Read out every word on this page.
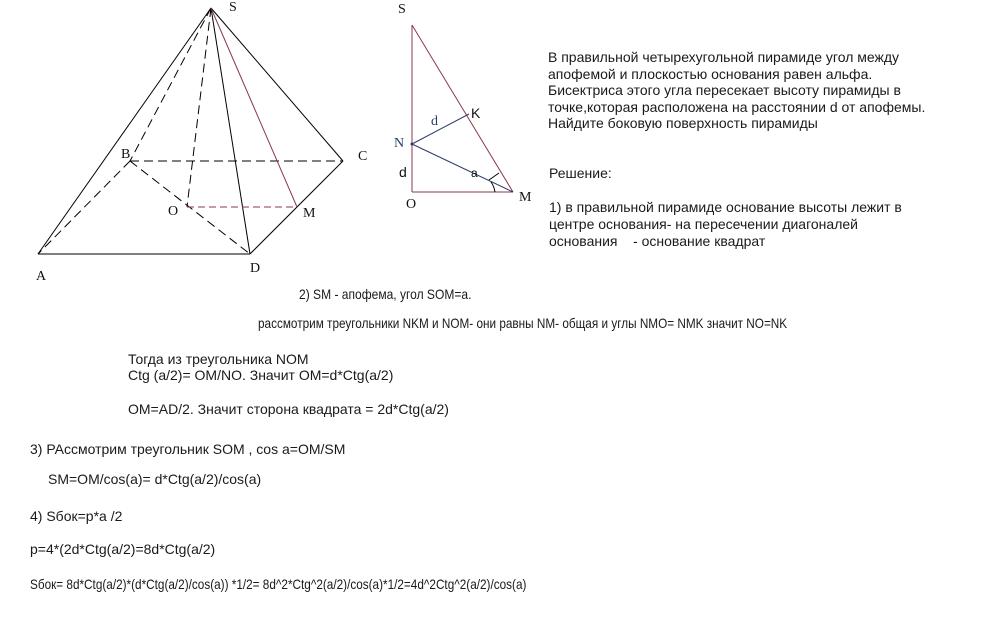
S
A
B	C
D
O	M
S
K
N
d
d	a
O	M
В правильной четырехугольной пирамиде угол между
апофемой и плоскостью основания равен альфа.
Бисектриса этого угла пересекает высоту пирамиды в
точке,которая расположена на расстоянии d от апофемы.
Найдите боковую поверхность пирамиды
Решение:
1) в правильной пирамиде основание высоты лежит в
центре основания- на пересечении диагоналей
основания    - основание квадрат
2) SM - апофема, угол SOM=a.
рассмотрим треугольники NKM и NOM- они равны NM- общая и углы NMO= NMK значит NO=NK
Тогда из треугольника NOM
Ctg (a/2)= OM/NO. Значит OM=d*Ctg(a/2)
OM=AD/2. Значит сторона квадрата = 2d*Ctg(a/2)
3) PAссмотрим треугольник SOM , cos a=OM/SM
SM=OM/cos(a)= d*Ctg(a/2)/cos(a)
4) Sбок=p*a /2
p=4*(2d*Ctg(a/2)=8d*Ctg(a/2)
Sбок= 8d*Ctg(a/2)*(d*Ctg(a/2)/cos(a)) *1/2= 8d^2*Ctg^2(a/2)/cos(a)*1/2=4d^2Ctg^2(a/2)/cos(a)
